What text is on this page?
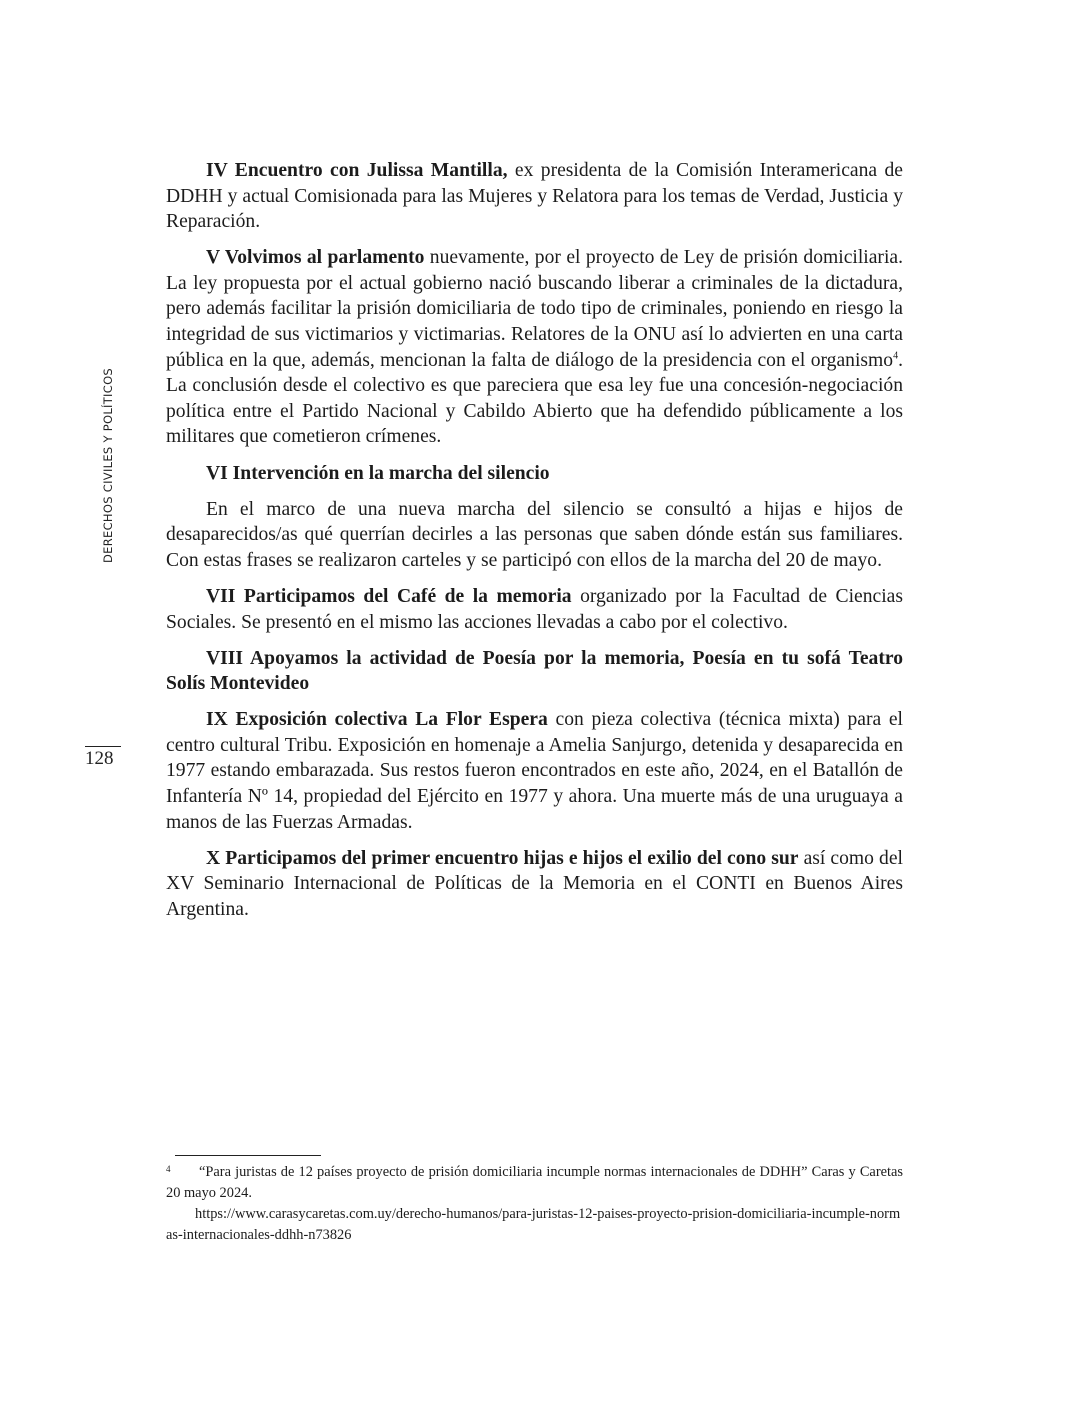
DERECHOS CIVILES Y POLÍTICOS
128

IV Encuentro con Julissa Mantilla, ex presidenta de la Comisión Interamericana de DDHH y actual Comisionada para las Mujeres y Relatora para los temas de Verdad, Justicia y Reparación.

V Volvimos al parlamento nuevamente, por el proyecto de Ley de prisión domiciliaria. La ley propuesta por el actual gobierno nació buscando liberar a criminales de la dictadura, pero además facilitar la prisión domiciliaria de todo tipo de criminales, poniendo en riesgo la integridad de sus victimarios y victimarias. Relatores de la ONU así lo advierten en una carta pública en la que, además, mencionan la falta de diálogo de la presidencia con el organismo$^4$. La conclusión desde el colectivo es que pareciera que esa ley fue una concesión-negociación política entre el Partido Nacional y Cabildo Abierto que ha defendido públicamente a los militares que cometieron crímenes.

VI Intervención en la marcha del silencio

En el marco de una nueva marcha del silencio se consultó a hijas e hijos de desaparecidos/as qué querrían decirles a las personas que saben dónde están sus familiares. Con estas frases se realizaron carteles y se participó con ellos de la marcha del 20 de mayo.

VII Participamos del Café de la memoria organizado por la Facultad de Ciencias Sociales. Se presentó en el mismo las acciones llevadas a cabo por el colectivo.

VIII Apoyamos la actividad de Poesía por la memoria, Poesía en tu sofá Teatro Solís Montevideo

IX Exposición colectiva La Flor Espera con pieza colectiva (técnica mixta) para el centro cultural Tribu. Exposición en homenaje a Amelia Sanjurgo, detenida y desaparecida en 1977 estando embarazada. Sus restos fueron encontrados en este año, 2024, en el Batallón de Infantería Nº 14, propiedad del Ejército en 1977 y ahora. Una muerte más de una uruguaya a manos de las Fuerzas Armadas.

X Participamos del primer encuentro hijas e hijos el exilio del cono sur así como del XV Seminario Internacional de Políticas de la Memoria en el CONTI en Buenos Aires Argentina.

4 “Para juristas de 12 países proyecto de prisión domiciliaria incumple normas internacionales de DDHH” Caras y Caretas 20 mayo 2024.

https://www.carasycaretas.com.uy/derecho-humanos/para-juristas-12-paises-proyecto-prision-domiciliaria-incumple-normas-internacionales-ddhh-n73826
